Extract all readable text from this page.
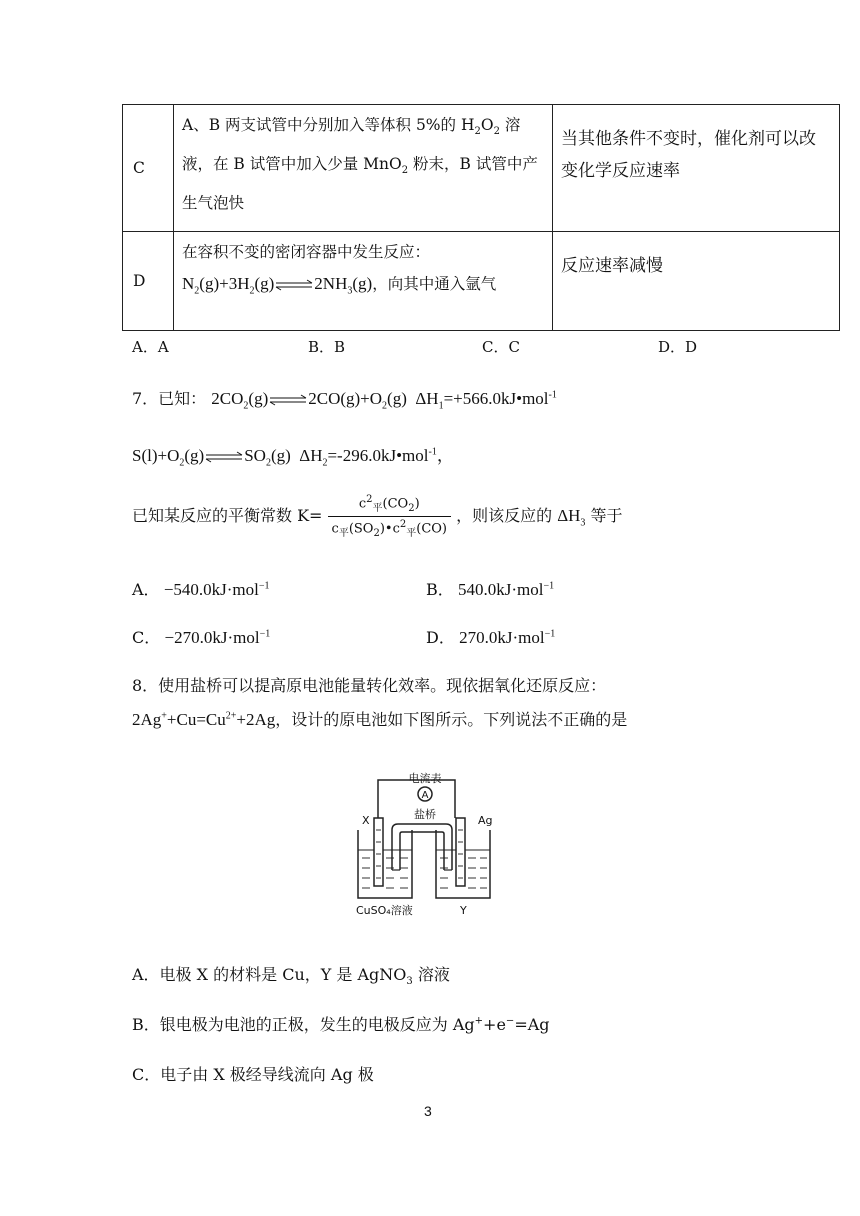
C	A、B 两支试管中分别加入等体积 5%的 $H_2O_2$ 溶
液，在 B 试管中加入少量 MnO$_2$ 粉末，B 试管中产
生气泡快	当其他条件不变时，催化剂可以改
变化学反应速率

D	在容积不变的密闭容器中发生反应：
$N_2(g)+3H_2(g)\rightleftharpoons 2NH_3(g)$，向其中通入氩气	反应速率减慢
A．A	B．B	C．C	D．D
7．已知： $2CO_2(g)\rightleftharpoons 2CO(g)+O_2(g)$  $\Delta H_1=+566.0kJ•mol^{-1}$
$S(l)+O_2(g)\rightleftharpoons SO_2(g)$  $\Delta H_2=-296.0kJ•mol^{-1}$，
已知某反应的平衡常数 $K= \frac{c^2_平(CO_2)}{c_平(SO_2)•c^2_平(CO)}$ ，则该反应的 $\Delta H_3$ 等于
A． −540.0kJ·mol$^{-1}$	B． 540.0kJ·mol$^{-1}$
C． −270.0kJ·mol$^{-1}$	D． 270.0kJ·mol$^{-1}$
8．使用盐桥可以提高原电池能量转化效率。现依据氧化还原反应：
$2Ag^++Cu=Cu^{2+}+2Ag$，设计的原电池如下图所示。下列说法不正确的是
A
电流表
盐桥
X	Ag
CuSO₄溶液	Y
A．电极 X 的材料是 Cu，Y 是 AgNO$_3$ 溶液
B．银电极为电池的正极，发生的电极反应为 Ag++e−=Ag
C．电子由 X 极经导线流向 Ag 极
3
